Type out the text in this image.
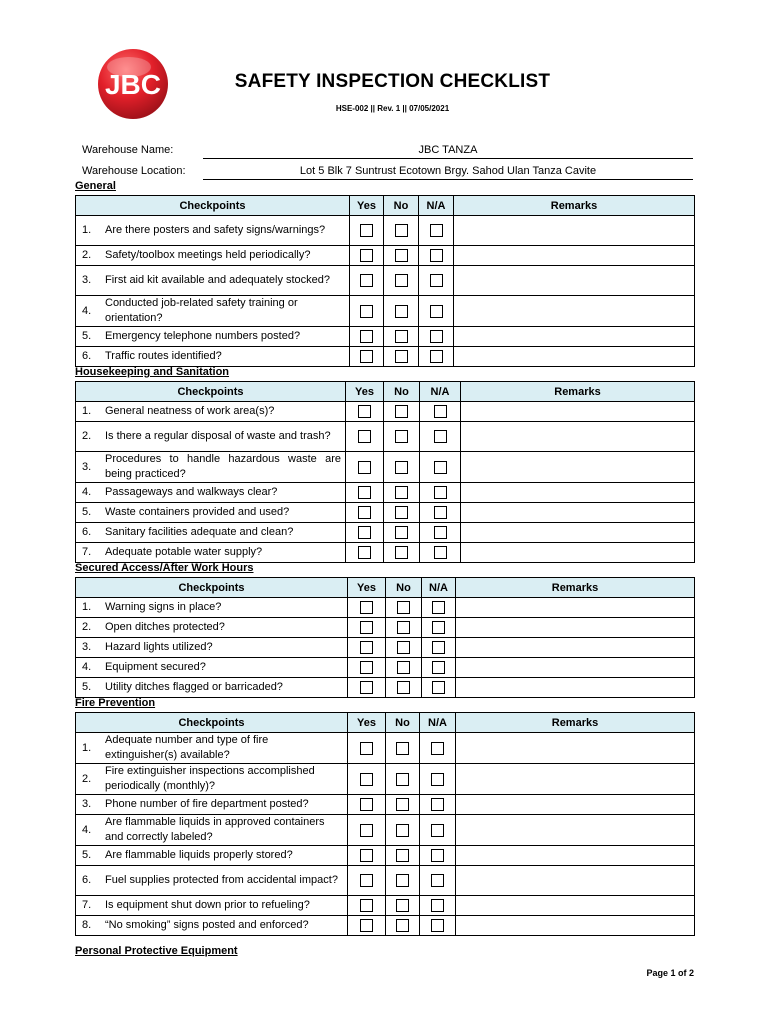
JBC	SAFETY INSPECTION CHECKLIST
HSE-002 || Rev. 1 || 07/05/2021
Warehouse Name:	JBC TANZA
Warehouse Location:	Lot 5 Blk 7 Suntrust Ecotown Brgy. Sahod Ulan Tanza Cavite
General
Checkpoints	Yes	No	N/A	Remarks

1. Are there posters and safety signs/warnings?				

2. Safety/toolbox meetings held periodically?				

3. First aid kit available and adequately stocked?				

4.
Conducted job-related safety training or orientation?				

5. Emergency telephone numbers posted?				

6. Traffic routes identified?				

Housekeeping and Sanitation
Checkpoints	Yes	No	N/A	Remarks

1. General neatness of work area(s)?				

2. Is there a regular disposal of waste and trash?				

3.
Procedures to handle hazardous waste are being practiced?				

4. Passageways and walkways clear?				

5. Waste containers provided and used?				

6. Sanitary facilities adequate and clean?				

7. Adequate potable water supply?				

Secured Access/After Work Hours
Checkpoints	Yes	No	N/A	Remarks

1. Warning signs in place?				

2. Open ditches protected?				

3. Hazard lights utilized?				

4. Equipment secured?				

5. Utility ditches flagged or barricaded?				

Fire Prevention
Checkpoints	Yes	No	N/A	Remarks

1.
Adequate number and type of fire extinguisher(s) available?				

2.
Fire extinguisher inspections accomplished periodically (monthly)?				

3. Phone number of fire department posted?				

4.
Are flammable liquids in approved containers and correctly labeled?				

5. Are flammable liquids properly stored?				

6. Fuel supplies protected from accidental impact?				

7. Is equipment shut down prior to refueling?				

8. “No smoking” signs posted and enforced?				

Personal Protective Equipment
Page 1 of 2
